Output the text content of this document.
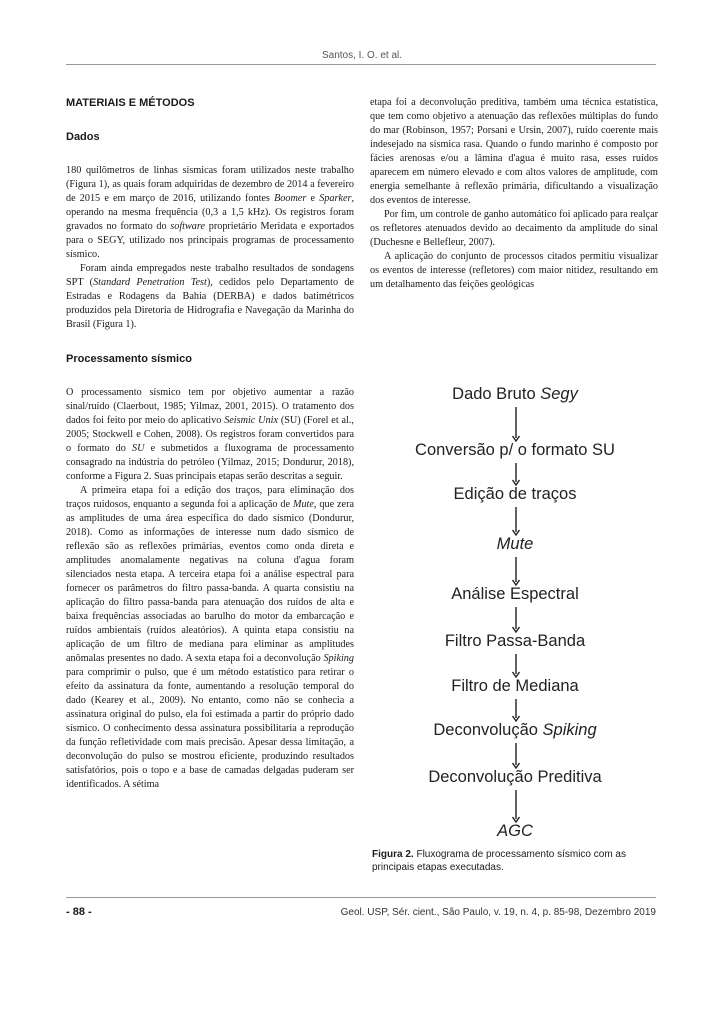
Santos, I. O. et al.
MATERIAIS E MÉTODOS
Dados

180 quilômetros de linhas sísmicas foram utilizados neste trabalho (Figura 1), as quais foram adquiridas de dezembro de 2014 a fevereiro de 2015 e em março de 2016, utilizando fontes Boomer e Sparker, operando na mesma frequência (0,3 a 1,5 kHz). Os registros foram gravados no formato do software proprietário Meridata e exportados para o SEGY, utilizado nos principais programas de processamento sísmico.

Foram ainda empregados neste trabalho resultados de sondagens SPT (Standard Penetration Test), cedidos pelo Departamento de Estradas e Rodagens da Bahia (DERBA) e dados batimétricos produzidos pela Diretoria de Hidrografia e Navegação da Marinha do Brasil (Figura 1).

Processamento sísmico

O processamento sísmico tem por objetivo aumentar a razão sinal/ruído (Claerbout, 1985; Yilmaz, 2001, 2015). O tratamento dos dados foi feito por meio do aplicativo Seismic Unix (SU) (Forel et al., 2005; Stockwell e Cohen, 2008). Os registros foram convertidos para o formato do SU e submetidos a fluxograma de processamento consagrado na indústria do petróleo (Yilmaz, 2015; Dondurur, 2018), conforme a Figura 2. Suas principais etapas serão descritas a seguir.

A primeira etapa foi a edição dos traços, para eliminação dos traços ruidosos, enquanto a segunda foi a aplicação de Mute, que zera as amplitudes de uma área específica do dado sísmico (Dondurur, 2018). Como as informações de interesse num dado sísmico de reflexão são as reflexões primárias, eventos como onda direta e amplitudes anomalamente negativas na coluna d'agua foram silenciados nesta etapa. A terceira etapa foi a análise espectral para fornecer os parâmetros do filtro passa-banda. A quarta consistiu na aplicação do filtro passa-banda para atenuação dos ruídos de alta e baixa frequências associadas ao barulho do motor da embarcação e ruídos ambientais (ruídos aleatórios). A quinta etapa consistiu na aplicação de um filtro de mediana para eliminar as amplitudes anômalas presentes no dado. A sexta etapa foi a deconvolução Spiking para comprimir o pulso, que é um método estatístico para retirar o efeito da assinatura da fonte, aumentando a resolução temporal do dado (Kearey et al., 2009). No entanto, como não se conhecia a assinatura original do pulso, ela foi estimada a partir do próprio dado sísmico. O conhecimento dessa assinatura possibilitaria a reprodução da função refletividade com mais precisão. Apesar dessa limitação, a deconvolução do pulso se mostrou eficiente, produzindo resultados satisfatórios, pois o topo e a base de camadas delgadas puderam ser identificados. A sétima

etapa foi a deconvolução preditiva, também uma técnica estatística, que tem como objetivo a atenuação das reflexões múltiplas do fundo do mar (Robinson, 1957; Porsani e Ursin, 2007), ruído coerente mais indesejado na sísmica rasa. Quando o fundo marinho é composto por fácies arenosas e/ou a lâmina d'agua é muito rasa, esses ruídos aparecem em número elevado e com altos valores de amplitude, com energia semelhante à reflexão primária, dificultando a visualização dos eventos de interesse.

Por fim, um controle de ganho automático foi aplicado para realçar os refletores atenuados devido ao decaimento da amplitude do sinal (Duchesne e Bellefleur, 2007).

A aplicação do conjunto de processos citados permitiu visualizar os eventos de interesse (refletores) com maior nitidez, resultando em um detalhamento das feições geológicas

Dado Bruto Segy
Conversão p/ o formato SU
Edição de traços
Mute
Análise Espectral
Filtro Passa-Banda
Filtro de Mediana
Deconvolução Spiking
Deconvolução Preditiva
AGC
Figura 2. Fluxograma de processamento sísmico com as principais etapas executadas.
- 88 -	Geol. USP, Sér. cient., São Paulo, v. 19, n. 4, p. 85-98, Dezembro 2019
